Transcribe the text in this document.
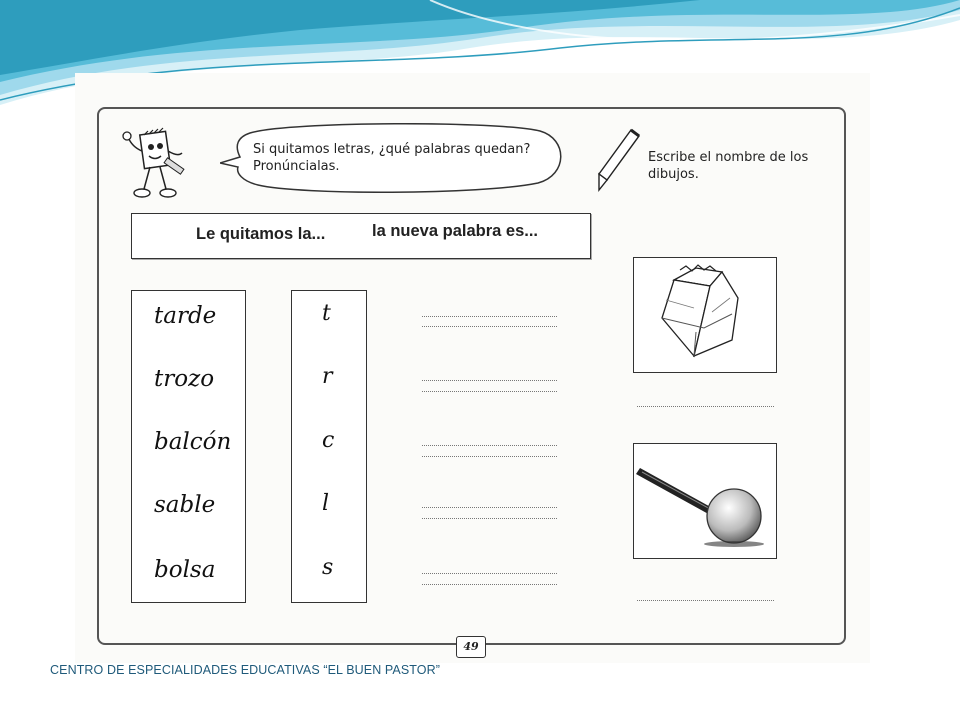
Si quitamos letras, ¿qué palabras quedan? Pronúncialas.
Escribe el nombre de los dibujos.
Le quitamos la...	la nueva palabra es...
tarde
trozo
balcón
sable
bolsa
t
r
c
l
s
49
CENTRO DE ESPECIALIDADES EDUCATIVAS “EL BUEN PASTOR”
